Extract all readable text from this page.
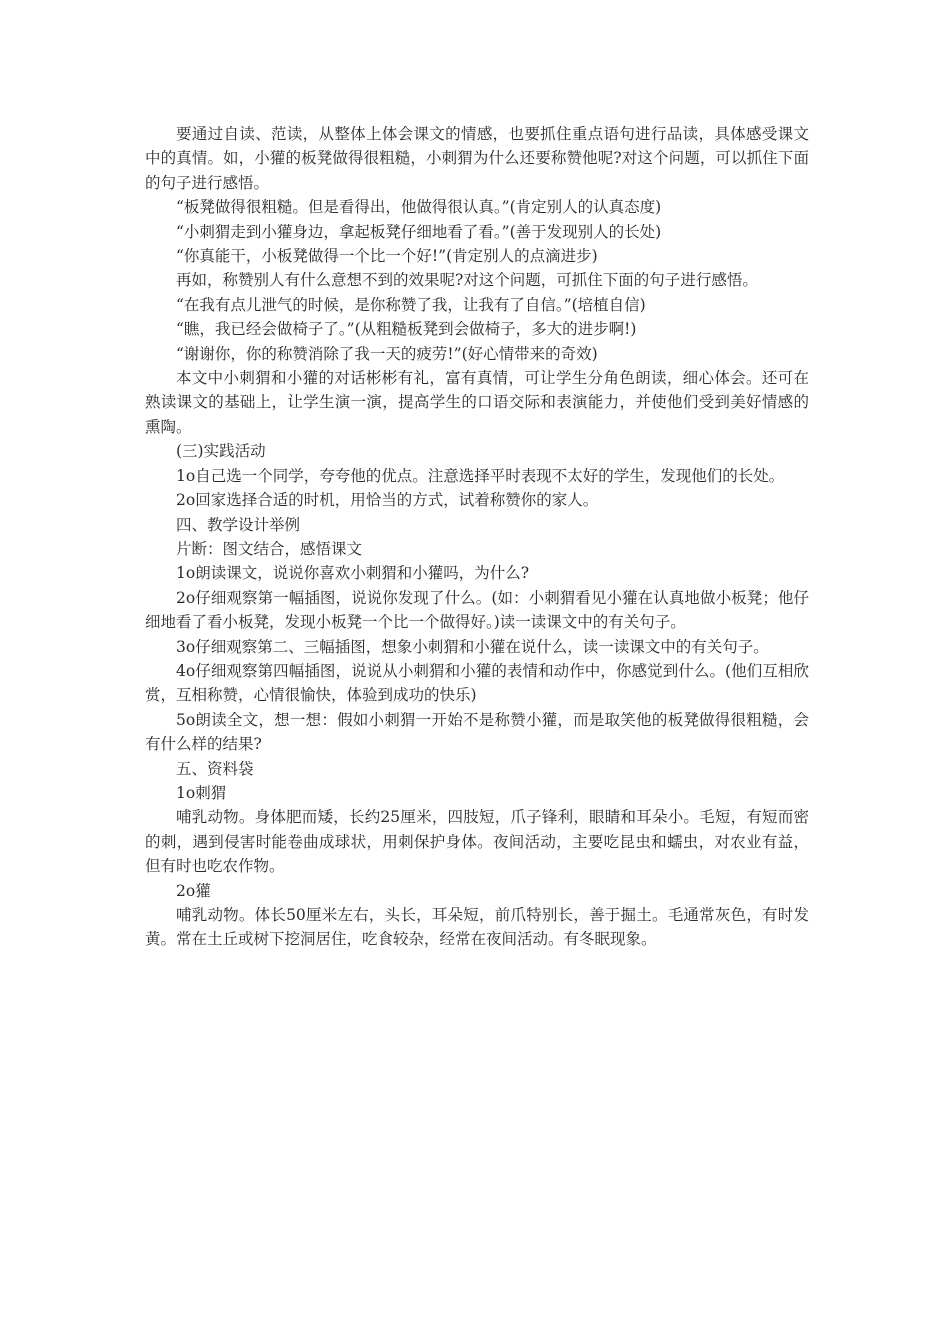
要通过自读、范读，从整体上体会课文的情感，也要抓住重点语句进行品读，具体感受课文中的真情。如，小獾的板凳做得很粗糙，小刺猬为什么还要称赞他呢?对这个问题，可以抓住下面的句子进行感悟。

“板凳做得很粗糙。但是看得出，他做得很认真。”(肯定别人的认真态度)

“小刺猬走到小獾身边，拿起板凳仔细地看了看。”(善于发现别人的长处)

“你真能干，小板凳做得一个比一个好!”(肯定别人的点滴进步)

再如，称赞别人有什么意想不到的效果呢?对这个问题，可抓住下面的句子进行感悟。

“在我有点儿泄气的时候，是你称赞了我，让我有了自信。”(培植自信)

“瞧，我已经会做椅子了。”(从粗糙板凳到会做椅子，多大的进步啊!)

“谢谢你，你的称赞消除了我一天的疲劳!”(好心情带来的奇效)

本文中小刺猬和小獾的对话彬彬有礼，富有真情，可让学生分角色朗读，细心体会。还可在熟读课文的基础上，让学生演一演，提高学生的口语交际和表演能力，并使他们受到美好情感的熏陶。

(三)实践活动

1o自己选一个同学，夸夸他的优点。注意选择平时表现不太好的学生，发现他们的长处。

2o回家选择合适的时机，用恰当的方式，试着称赞你的家人。

四、教学设计举例

片断：图文结合，感悟课文

1o朗读课文，说说你喜欢小刺猬和小獾吗，为什么?

2o仔细观察第一幅插图，说说你发现了什么。(如：小刺猬看见小獾在认真地做小板凳；他仔细地看了看小板凳，发现小板凳一个比一个做得好。)读一读课文中的有关句子。

3o仔细观察第二、三幅插图，想象小刺猬和小獾在说什么，读一读课文中的有关句子。

4o仔细观察第四幅插图，说说从小刺猬和小獾的表情和动作中，你感觉到什么。(他们互相欣赏，互相称赞，心情很愉快，体验到成功的快乐)

5o朗读全文，想一想：假如小刺猬一开始不是称赞小獾，而是取笑他的板凳做得很粗糙，会有什么样的结果?

五、资料袋

1o刺猬

哺乳动物。身体肥而矮，长约25厘米，四肢短，爪子锋利，眼睛和耳朵小。毛短，有短而密的刺，遇到侵害时能卷曲成球状，用刺保护身体。夜间活动，主要吃昆虫和蠕虫，对农业有益，但有时也吃农作物。

2o獾

哺乳动物。体长50厘米左右，头长，耳朵短，前爪特别长，善于掘土。毛通常灰色，有时发黄。常在土丘或树下挖洞居住，吃食较杂，经常在夜间活动。有冬眠现象。
